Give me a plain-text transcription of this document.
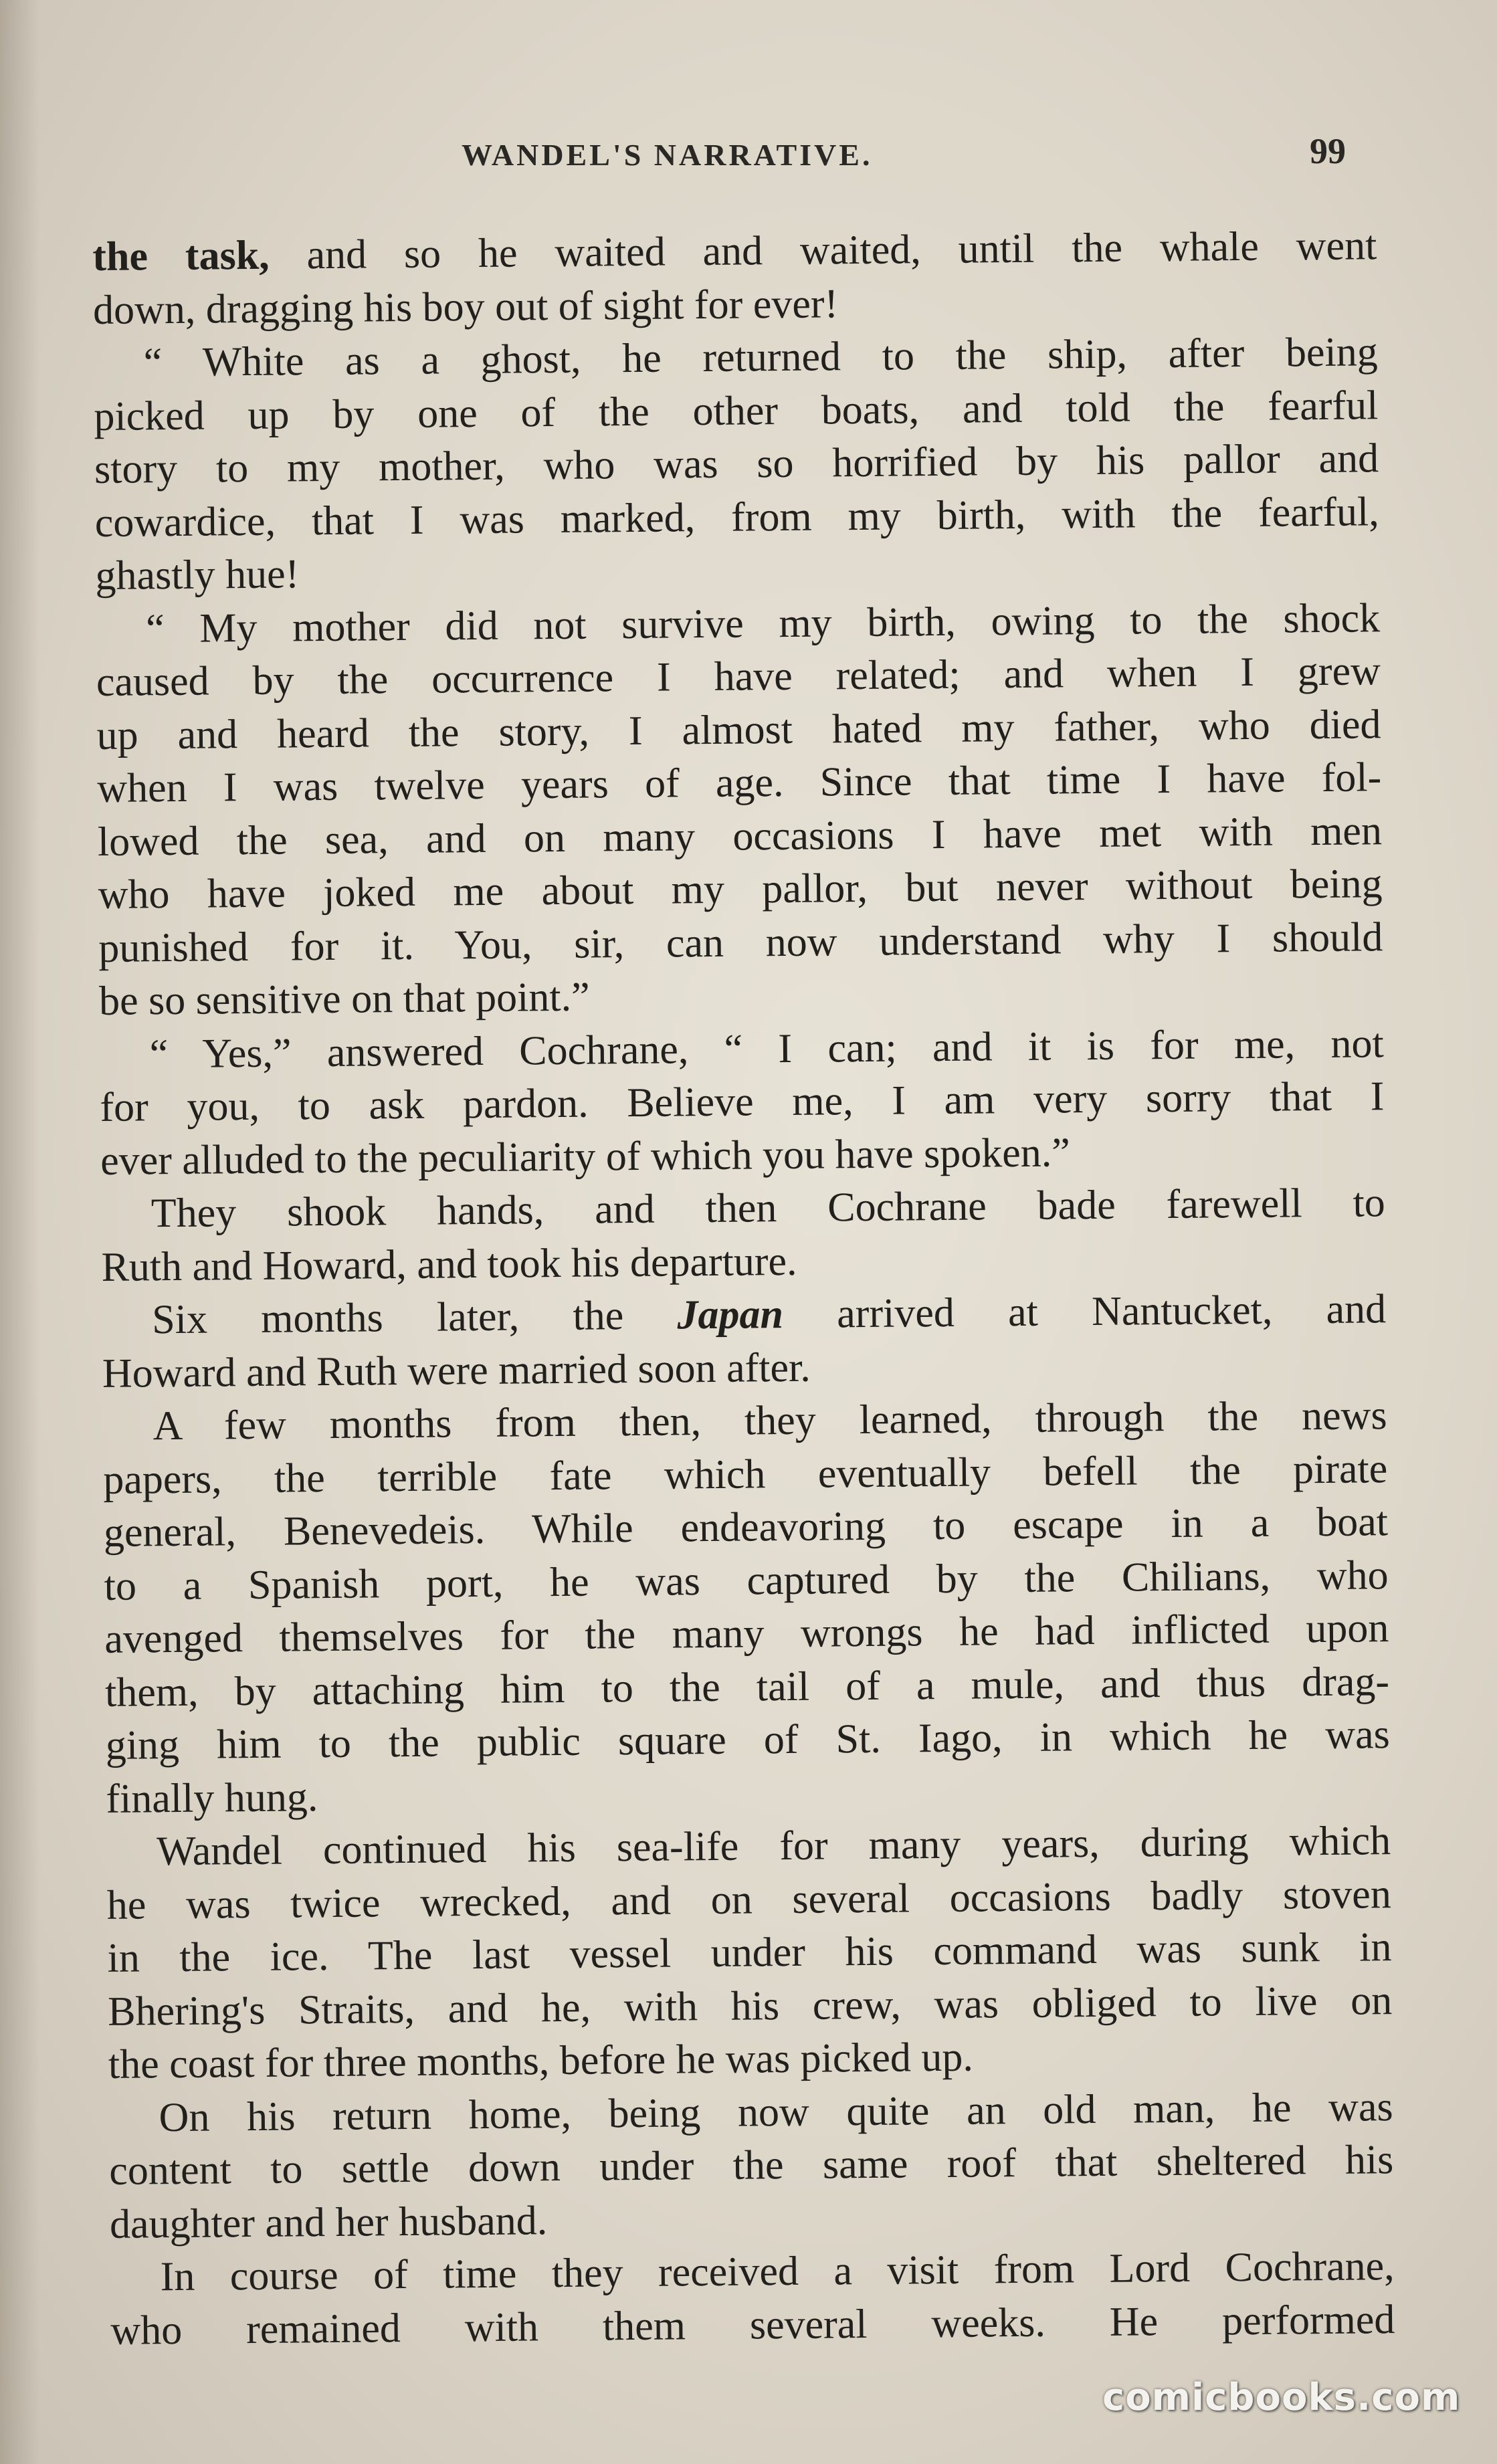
WANDEL'S NARRATIVE.	99
the task, and so he waited and waited, until the whale went
down, dragging his boy out of sight for ever!
“ White as a ghost, he returned to the ship, after being
picked up by one of the other boats, and told the fearful
story to my mother, who was so horrified by his pallor and
cowardice, that I was marked, from my birth, with the fearful,
ghastly hue!
“ My mother did not survive my birth, owing to the shock
caused by the occurrence I have related; and when I grew
up and heard the story, I almost hated my father, who died
when I was twelve years of age. Since that time I have fol-
lowed the sea, and on many occasions I have met with men
who have joked me about my pallor, but never without being
punished for it. You, sir, can now understand why I should
be so sensitive on that point.”
“ Yes,” answered Cochrane, “ I can; and it is for me, not
for you, to ask pardon. Believe me, I am very sorry that I
ever alluded to the peculiarity of which you have spoken.”
They shook hands, and then Cochrane bade farewell to
Ruth and Howard, and took his departure.
Six months later, the Japan arrived at Nantucket, and
Howard and Ruth were married soon after.
A few months from then, they learned, through the news
papers, the terrible fate which eventually befell the pirate
general, Benevedeis. While endeavoring to escape in a boat
to a Spanish port, he was captured by the Chilians, who
avenged themselves for the many wrongs he had inflicted upon
them, by attaching him to the tail of a mule, and thus drag-
ging him to the public square of St. Iago, in which he was
finally hung.
Wandel continued his sea-life for many years, during which
he was twice wrecked, and on several occasions badly stoven
in the ice. The last vessel under his command was sunk in
Bhering's Straits, and he, with his crew, was obliged to live on
the coast for three months, before he was picked up.
On his return home, being now quite an old man, he was
content to settle down under the same roof that sheltered his
daughter and her husband.
In course of time they received a visit from Lord Cochrane,
who remained with them several weeks. He performed
comicbooks.com
